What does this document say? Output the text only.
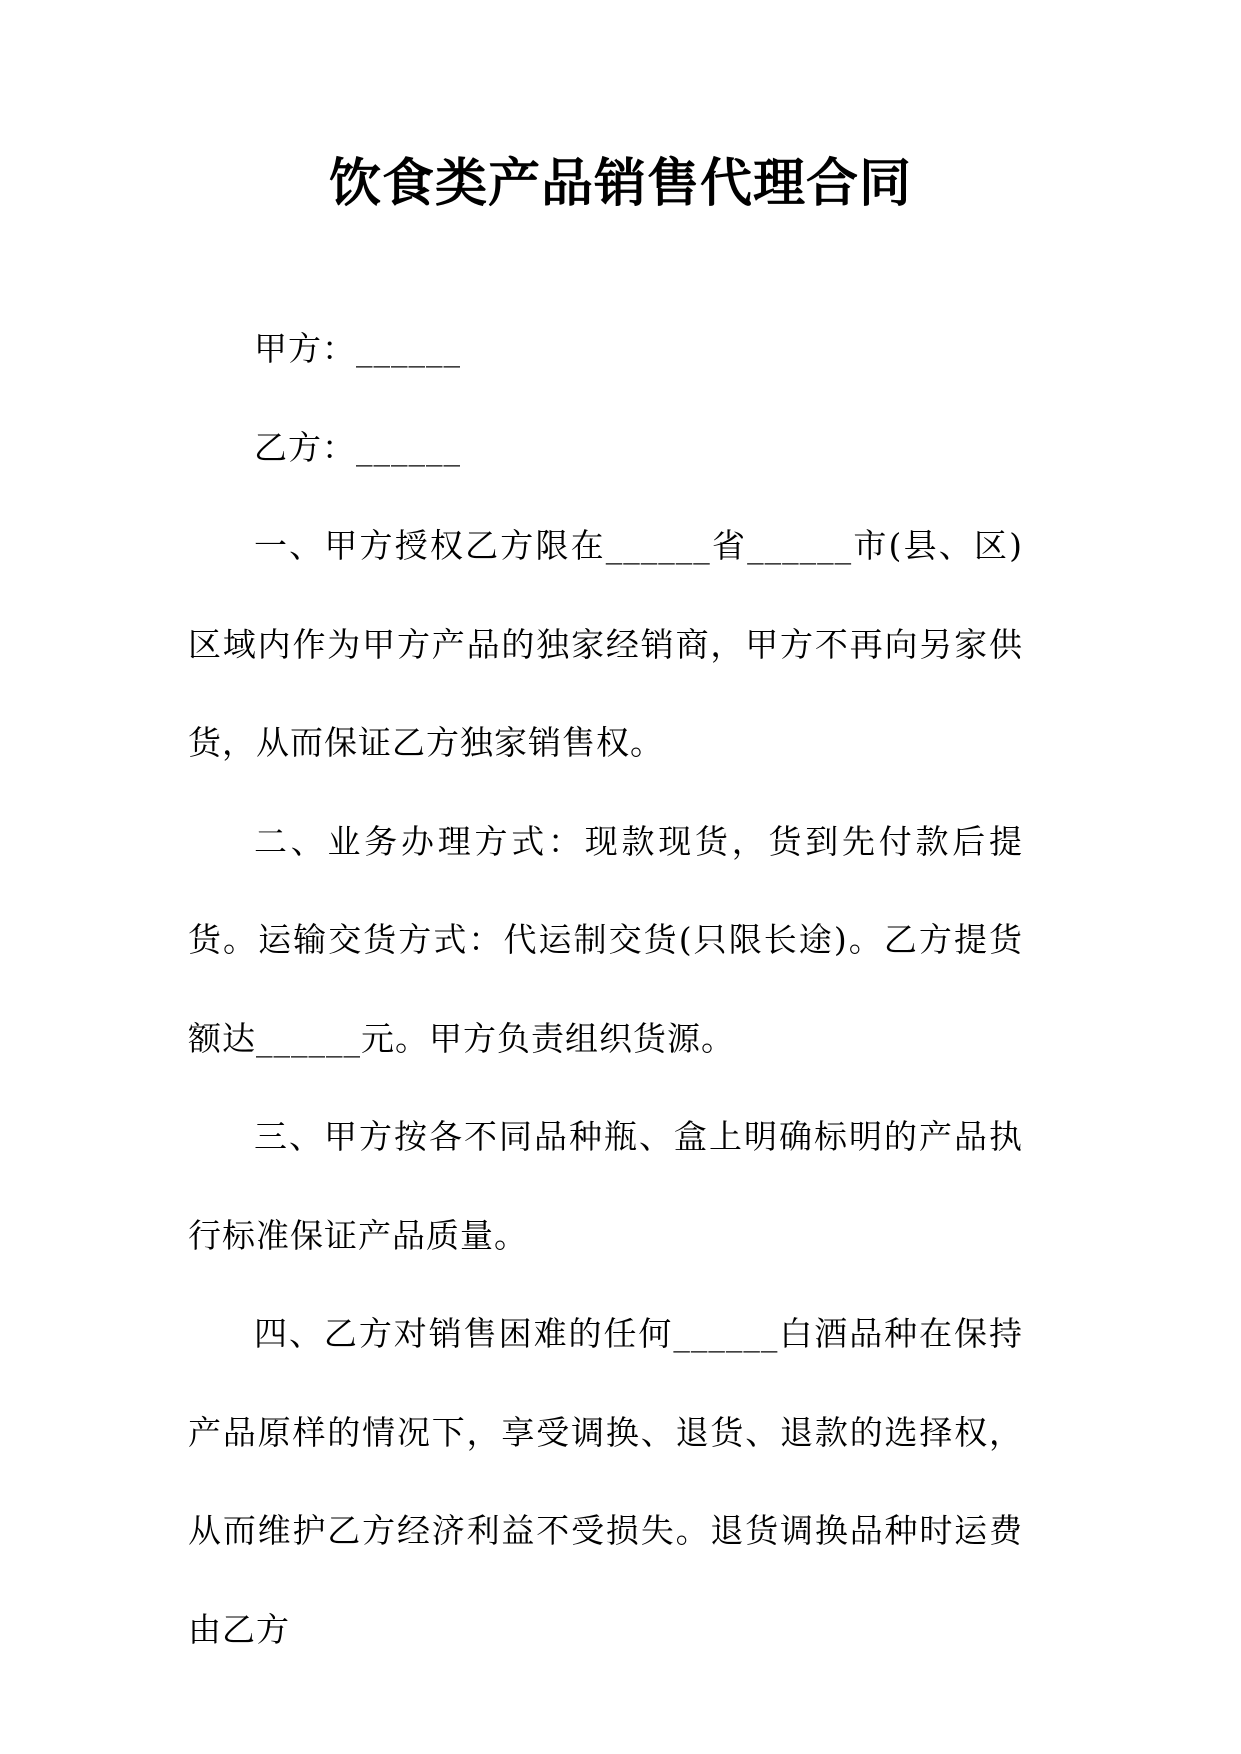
饮食类产品销售代理合同

甲方：______

乙方：______

一、甲方授权乙方限在______省______市(县、区)区域内作为甲方产品的独家经销商，甲方不再向另家供货，从而保证乙方独家销售权。

二、业务办理方式：现款现货，货到先付款后提货。运输交货方式：代运制交货(只限长途)。乙方提货额达______元。甲方负责组织货源。

三、甲方按各不同品种瓶、盒上明确标明的产品执行标准保证产品质量。

四、乙方对销售困难的任何______白酒品种在保持产品原样的情况下，享受调换、退货、退款的选择权，从而维护乙方经济利益不受损失。退货调换品种时运费由乙方
